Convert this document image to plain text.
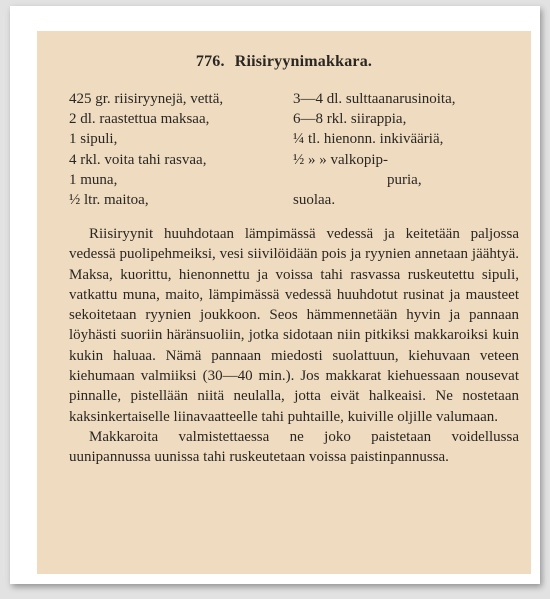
776. Riisiryynimakkara.
425 gr. riisiryynejä, vettä,
2 dl. raastettua maksaa,
1 sipuli,
4 rkl. voita tahi rasvaa,
1 muna,
½ ltr. maitoa,
3—4 dl. sulttaanarusinoita,
6—8 rkl. siirappia,
¼ tl. hienonn. inkivääriä,
½ » » valkopip-
puria,
suolaa.

Riisiryynit huuhdotaan lämpimässä vedessä ja keitetään paljossa vedessä puolipehmeiksi, vesi siivilöidään pois ja ryynien annetaan jäähtyä. Maksa, kuorittu, hienonnettu ja voissa tahi rasvassa ruskeutettu sipuli, vatkattu muna, maito, lämpimässä vedessä huuhdotut rusinat ja mausteet sekoitetaan ryynien joukkoon. Seos hämmennetään hyvin ja pannaan löyhästi suoriin häränsuoliin, jotka sidotaan niin pitkiksi makkaroiksi kuin kukin haluaa. Nämä pannaan miedosti suolattuun, kiehuvaan veteen kiehumaan valmiiksi (30—40 min.). Jos makkarat kiehuessaan nousevat pinnalle, pistellään niitä neulalla, jotta eivät halkeaisi. Ne nostetaan kaksinkertaiselle liinavaatteelle tahi puhtaille, kuiville oljille valumaan.

Makkaroita valmistettaessa ne joko paistetaan voidellussa uunipannussa uunissa tahi ruskeutetaan voissa paistinpannussa.
